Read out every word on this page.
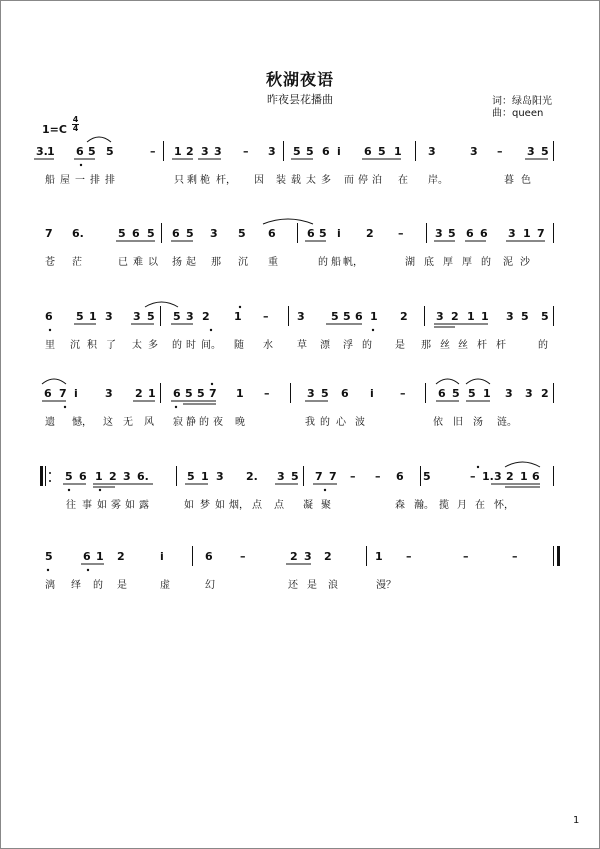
秋湖夜语
昨夜昙花播曲	词：绿岛阳光
曲：queen
1=C
4
4
3. 1 6 5 5	– 1 2 3 3 – 3 5 5 6 i 6 5 1 3	3 – 3 5
船 屋 一 排 排	只 剩 桅 杆， 因 装 载 太 多 而 停 泊 在 岸。	暮 色
7 6.	5 6 5 6 5 3 5 6	6 5 i 2 –	3 5 6 6 3 1 7
苍 茫	已 难 以 扬 起 那 沉 重	的 船 帆，	湖 底 厚 厚 的 泥 沙
6 5 1 3 3 5 5 3 2 1 –	3 5 5 6 1 2	3 2 1 1 3 5 5
里 沉 积 了 太 多 的 时 间。 随 水 草 漂 浮 的 是 那 丝 丝 杆 杆	的
6 7 i 3 2 1 6 5 5 7 1 –	3 5 6 i –	6 5 5 1 3 3 2
遗 憾， 这 无 风 寂 静 的 夜 晚	我 的 心 波	依 旧 汤 涟。
5 6 1 2 3 6.	5 1 3 2. 3 5 7 7 – – 6 5	– 1. 3 2 1 6
往 事 如 雾 如 露	如 梦 如 烟， 点 点 凝 聚	森 瀚。 揽 月 在 怀，
5	6 1 2	i	6 –	2 3 2	1 –	–	–
漓 绎 的 是	虚	幻	还 是 浪	漫？
1
